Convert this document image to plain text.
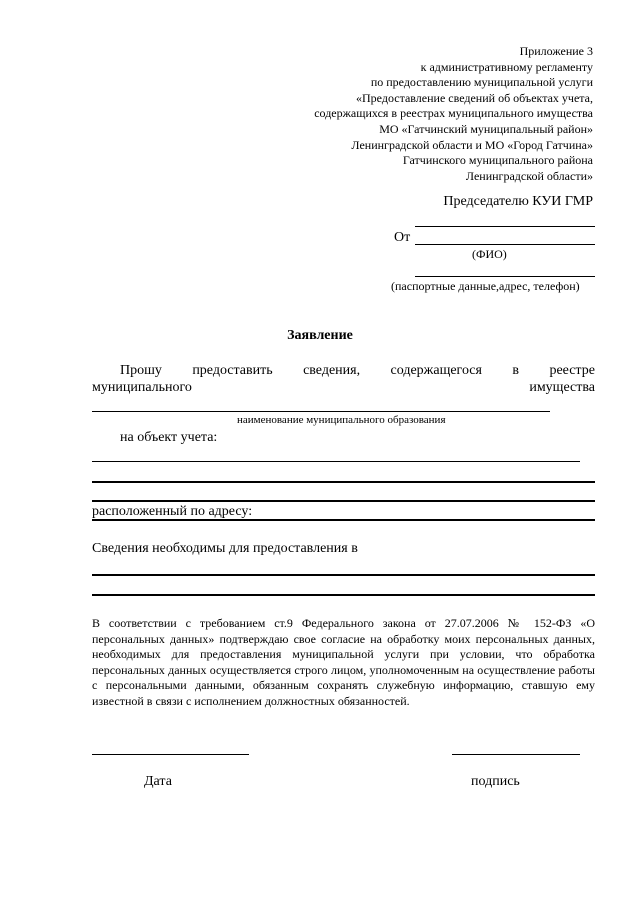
Приложение 3
к административному регламенту
по предоставлению муниципальной услуги
«Предоставление сведений об объектах учета,
содержащихся в реестрах муниципального имущества
МО «Гатчинский муниципальный район»
Ленинградской области и МО «Город Гатчина»
Гатчинского муниципального района
Ленинградской области»
Председателю КУИ ГМР
От
(ФИО)
(паспортные данные,адрес, телефон)
Заявление
Прошу предоставить сведения, содержащегося в реестре
муниципального	имущества
наименование муниципального образования
на объект учета:
расположенный по адресу:
Сведения необходимы для предоставления в
В соответствии с требованием ст.9 Федерального закона от 27.07.2006 № 152-ФЗ «О персональных данных» подтверждаю свое согласие на обработку моих персональных данных, необходимых для предоставления муниципальной услуги при условии, что обработка персональных данных осуществляется строго лицом, уполномоченным на осуществление работы с персональными данными, обязанным сохранять служебную информацию, ставшую ему известной в связи с исполнением должностных обязанностей.
Дата	подпись
